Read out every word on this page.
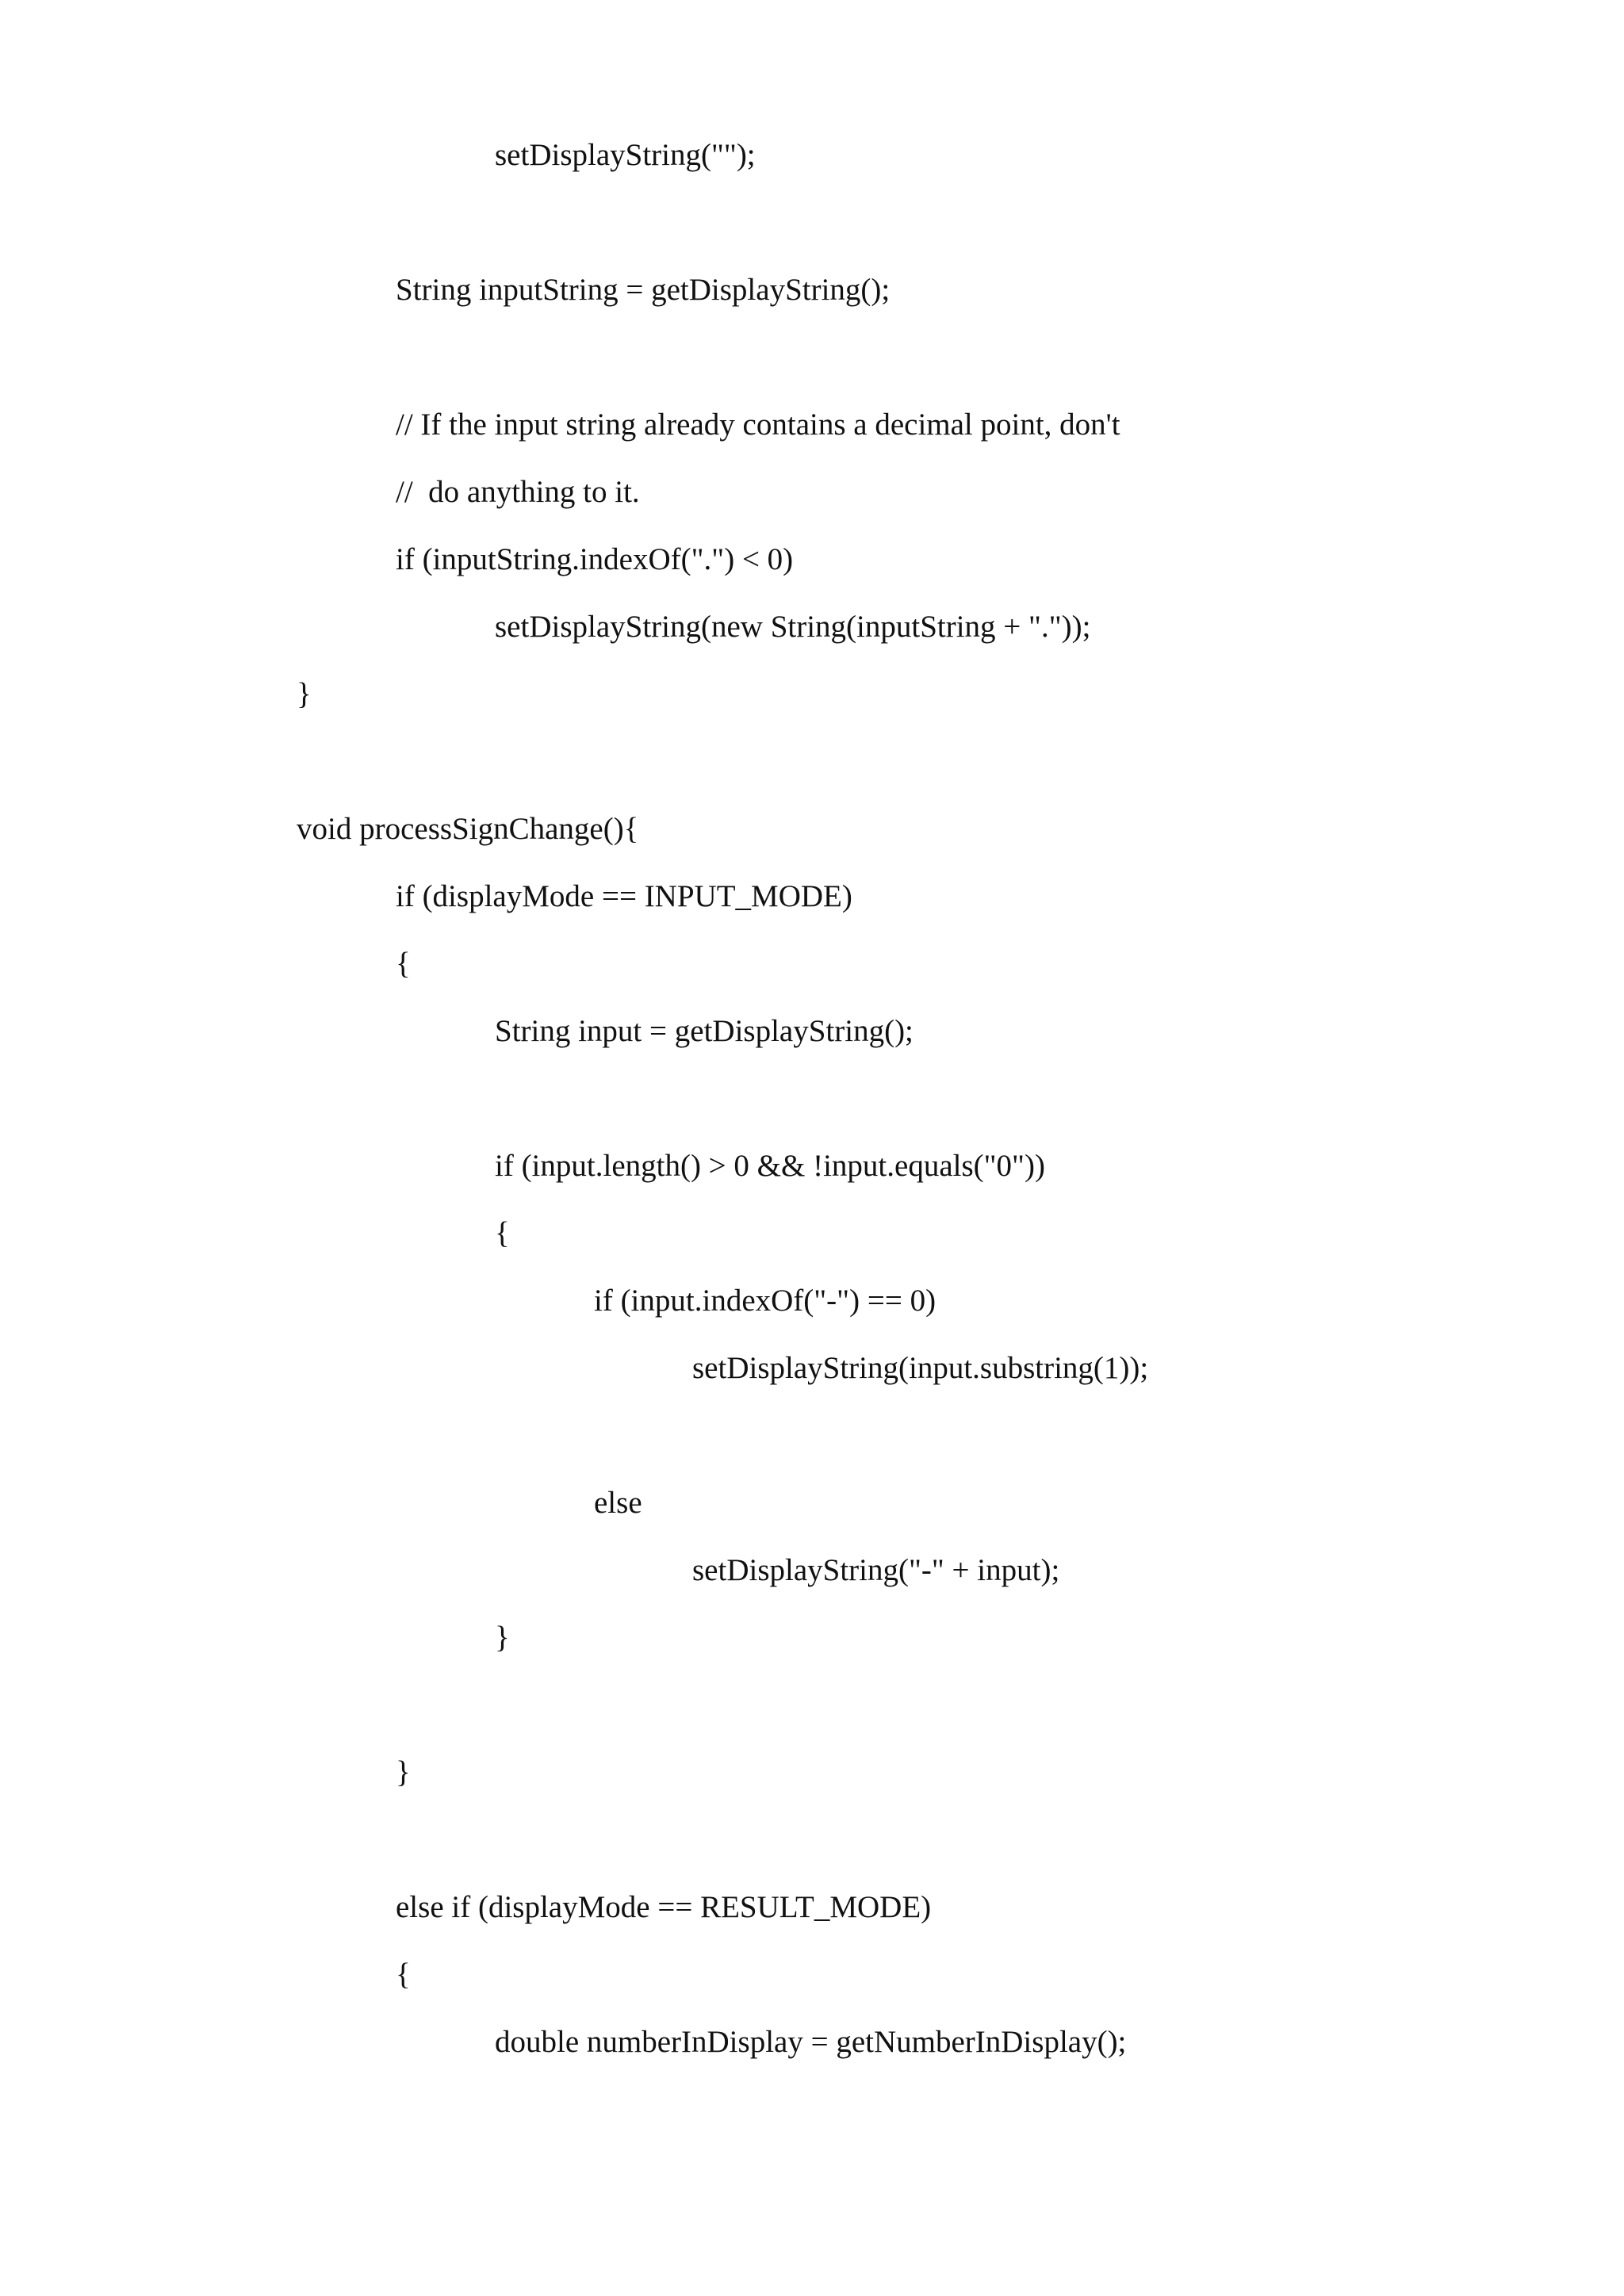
setDisplayString("");
String inputString = getDisplayString();
// If the input string already contains a decimal point, don't
//  do anything to it.
if (inputString.indexOf(".") < 0)
setDisplayString(new String(inputString + "."));
}
void processSignChange(){
if (displayMode == INPUT_MODE)
{
String input = getDisplayString();
if (input.length() > 0 && !input.equals("0"))
{
if (input.indexOf("-") == 0)
setDisplayString(input.substring(1));
else
setDisplayString("-" + input);
}
}
else if (displayMode == RESULT_MODE)
{
double numberInDisplay = getNumberInDisplay();
